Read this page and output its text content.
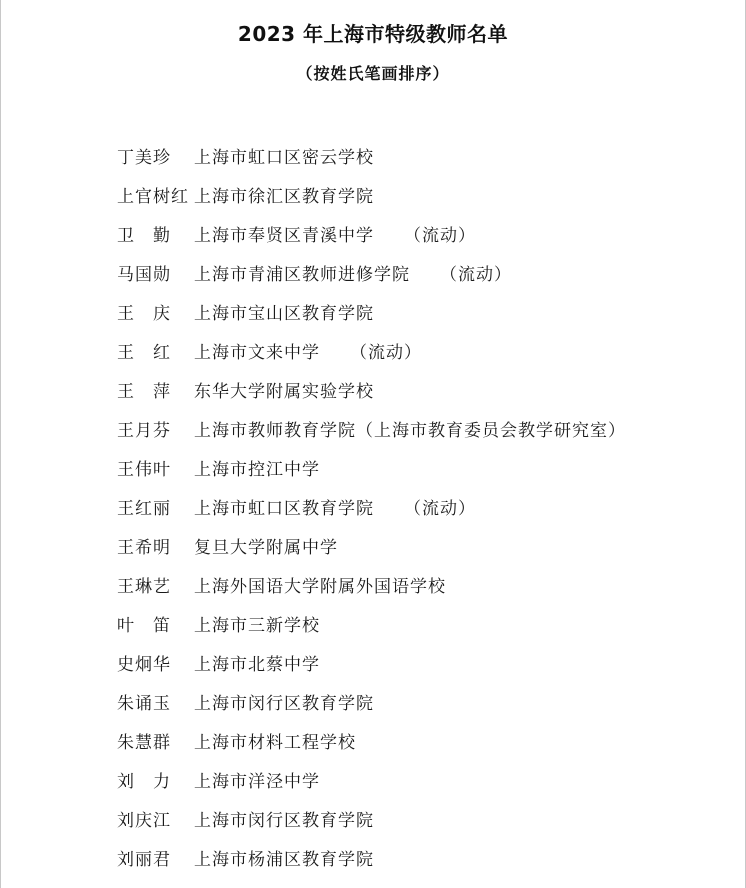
2023 年上海市特级教师名单
（按姓氏笔画排序）
丁美珍	上海市虹口区密云学校
上官树红 上海市徐汇区教育学院
卫　勤	上海市奉贤区青溪中学 （流动）
马国勋	上海市青浦区教师进修学院 （流动）
王　庆	上海市宝山区教育学院
王　红	上海市文来中学 （流动）
王　萍	东华大学附属实验学校
王月芬	上海市教师教育学院（上海市教育委员会教学研究室）
王伟叶	上海市控江中学
王红丽	上海市虹口区教育学院 （流动）
王希明	复旦大学附属中学
王琳艺	上海外国语大学附属外国语学校
叶　笛	上海市三新学校
史炯华	上海市北蔡中学
朱诵玉	上海市闵行区教育学院
朱慧群	上海市材料工程学校
刘　力	上海市洋泾中学
刘庆江	上海市闵行区教育学院
刘丽君	上海市杨浦区教育学院
